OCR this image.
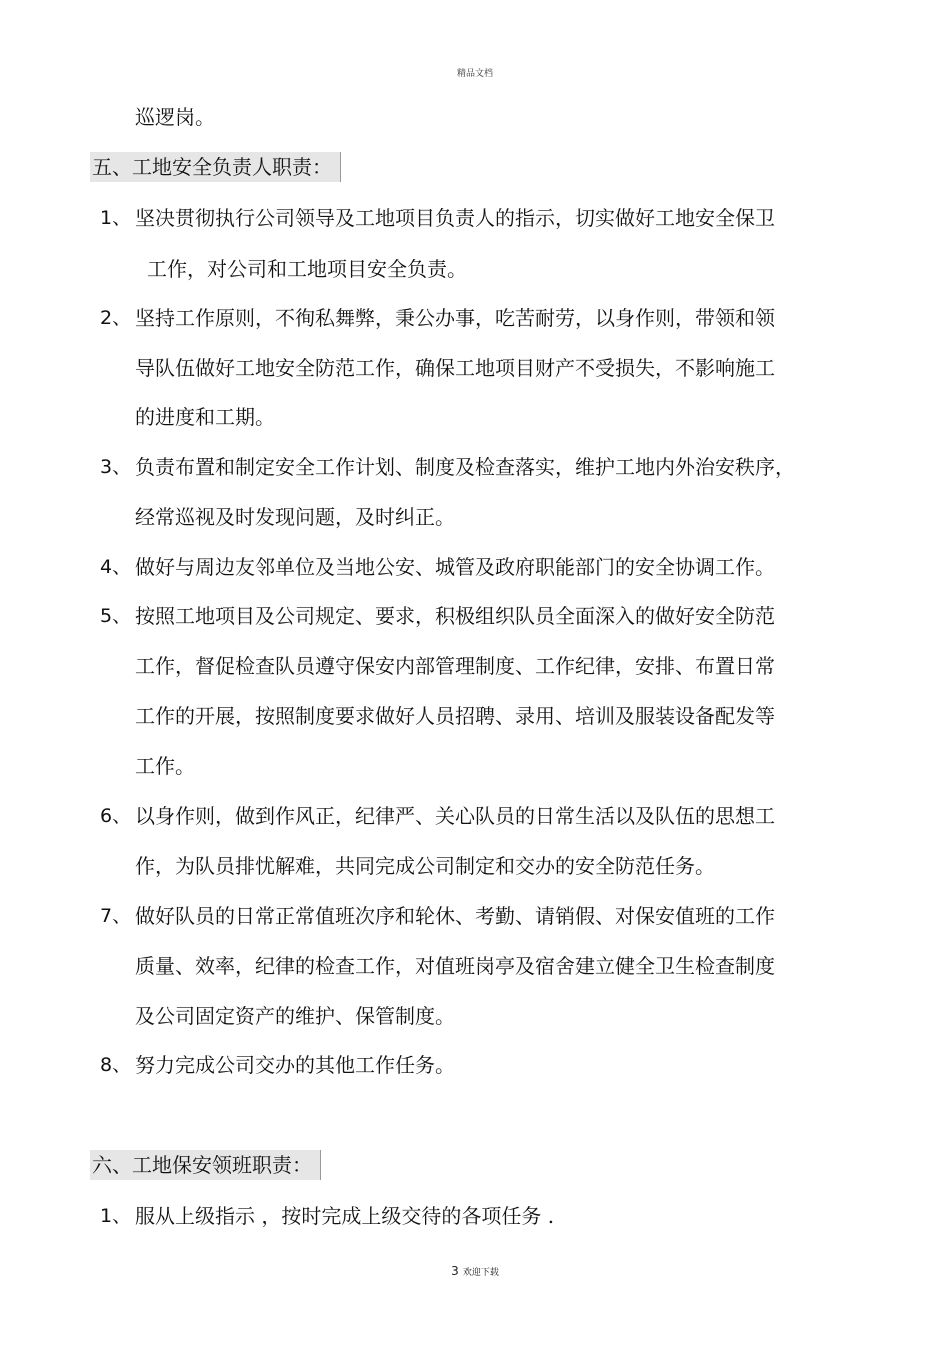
精品文档
巡逻岗。
五、工地安全负责人职责：
1、 坚决贯彻执行公司领导及工地项目负责人的指示，切实做好工地安全保卫
工作，对公司和工地项目安全负责。
2、 坚持工作原则，不徇私舞弊，秉公办事，吃苦耐劳，以身作则，带领和领
导队伍做好工地安全防范工作，确保工地项目财产不受损失，不影响施工
的进度和工期。
3、 负责布置和制定安全工作计划、制度及检查落实，维护工地内外治安秩序，
经常巡视及时发现问题，及时纠正。
4、 做好与周边友邻单位及当地公安、城管及政府职能部门的安全协调工作。
5、 按照工地项目及公司规定、要求，积极组织队员全面深入的做好安全防范
工作，督促检查队员遵守保安内部管理制度、工作纪律，安排、布置日常
工作的开展，按照制度要求做好人员招聘、录用、培训及服装设备配发等
工作。
6、 以身作则，做到作风正，纪律严、关心队员的日常生活以及队伍的思想工
作，为队员排忧解难，共同完成公司制定和交办的安全防范任务。
7、 做好队员的日常正常值班次序和轮休、考勤、请销假、对保安值班的工作
质量、效率，纪律的检查工作，对值班岗亭及宿舍建立健全卫生检查制度
及公司固定资产的维护、保管制度。
8、 努力完成公司交办的其他工作任务。
六、工地保安领班职责：
1、 服从上级指示 ，按时完成上级交待的各项任务 .
3 欢迎下载
